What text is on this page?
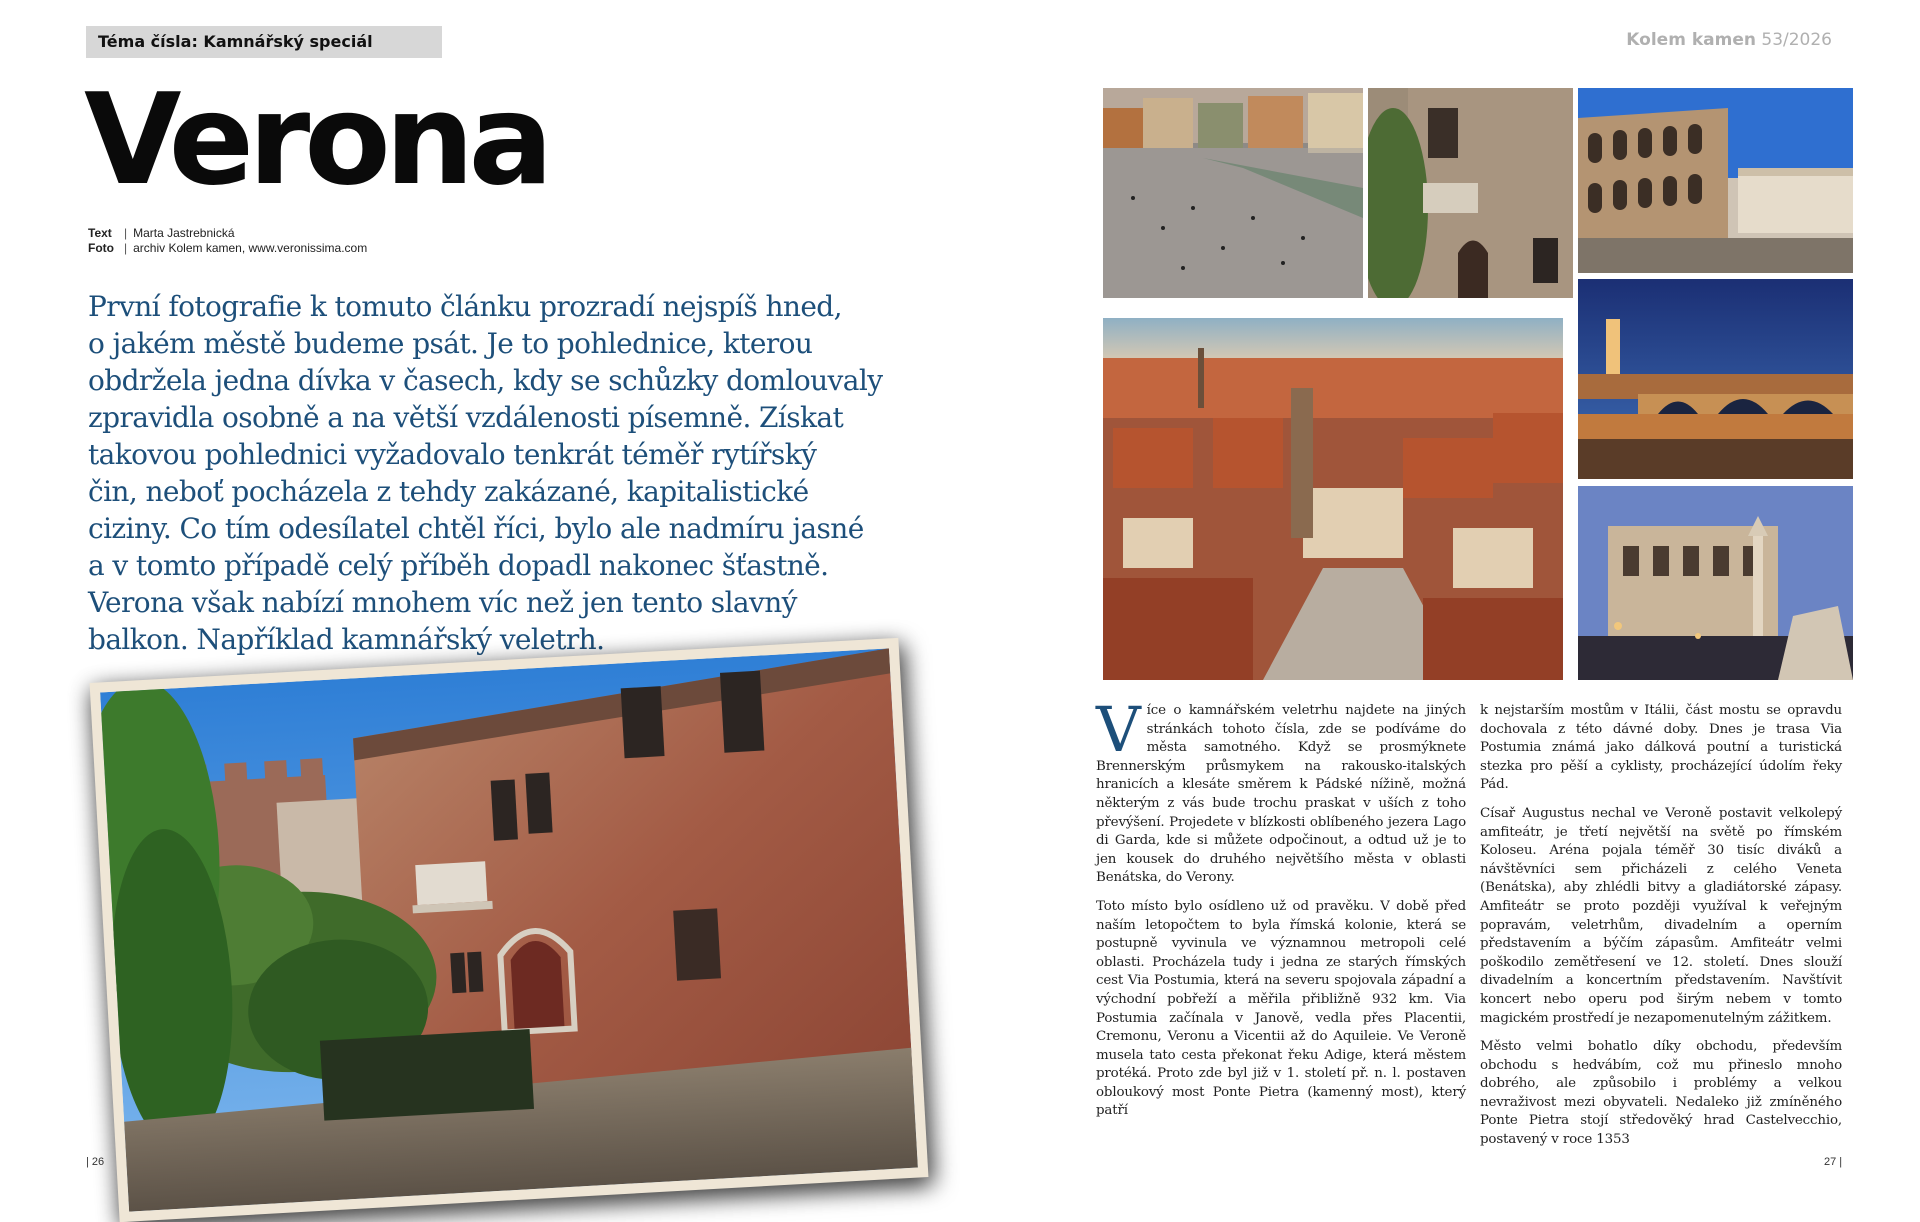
Téma čísla: Kamnářský speciál
Verona
Text | Marta Jastrebnická
Foto | archiv Kolem kamen, www.veronissima.com
První fotografie k tomuto článku prozradí nejspíš hned,
o jakém městě budeme psát. Je to pohlednice, kterou
obdržela jedna dívka v časech, kdy se schůzky domlouvaly
zpravidla osobně a na větší vzdálenosti písemně. Získat
takovou pohlednici vyžadovalo tenkrát téměř rytířský
čin, neboť pocházela z tehdy zakázané, kapitalistické
ciziny. Co tím odesílatel chtěl říci, bylo ale nadmíru jasné
a v tomto případě celý příběh dopadl nakonec šťastně.
Verona však nabízí mnohem víc než jen tento slavný
balkon. Například kamnářský veletrh.
| 26
Kolem kamen 53/2026

Více o kamnářském veletrhu najdete na jiných stránkách tohoto čísla, zde se podíváme do města samotného. Když se prosmýknete Brennerským průsmykem na rakousko-italských hranicích a klesáte směrem k Pádské nížině, možná některým z vás bude trochu praskat v uších z toho převýšení. Projedete v blízkosti oblíbeného jezera Lago di Garda, kde si můžete odpočinout, a odtud už je to jen kousek do druhého největšího města v oblasti Benátska, do Verony.

Toto místo bylo osídleno už od pravěku. V době před naším letopočtem to byla římská kolonie, která se postupně vyvinula ve významnou metropoli celé oblasti. Procházela tudy i jedna ze starých římských cest Via Postumia, která na severu spojovala západní a východní pobřeží a měřila přibližně 932 km. Via Postumia začínala v Janově, vedla přes Placentii, Cremonu, Veronu a Vicentii až do Aquileie. Ve Veroně musela tato cesta překonat řeku Adige, která městem protéká. Proto zde byl již v 1. století př. n. l. postaven obloukový most Ponte Pietra (kamenný most), který patří

k nejstarším mostům v Itálii, část mostu se opravdu dochovala z této dávné doby. Dnes je trasa Via Postumia známá jako dálková poutní a turistická stezka pro pěší a cyklisty, procházející údolím řeky Pád.

Císař Augustus nechal ve Veroně postavit velkolepý amfiteátr, je třetí největší na světě po římském Koloseu. Aréna pojala téměř 30 tisíc diváků a návštěvníci sem přicházeli z celého Veneta (Benátska), aby zhlédli bitvy a gladiátorské zápasy. Amfiteátr se proto později využíval k veřejným popravám, veletrhům, divadelním a operním představením a býčím zápasům. Amfiteátr velmi poškodilo zemětřesení ve 12. století. Dnes slouží divadelním a koncertním představením. Navštívit koncert nebo operu pod širým nebem v tomto magickém prostředí je nezapomenutelným zážitkem.

Město velmi bohatlo díky obchodu, především obchodu s hedvábím, což mu přineslo mnoho dobrého, ale způsobilo i problémy a velkou nevraživost mezi obyvateli. Nedaleko již zmíněného Ponte Pietra stojí středověký hrad Castelvecchio, postavený v roce 1353

27 |
